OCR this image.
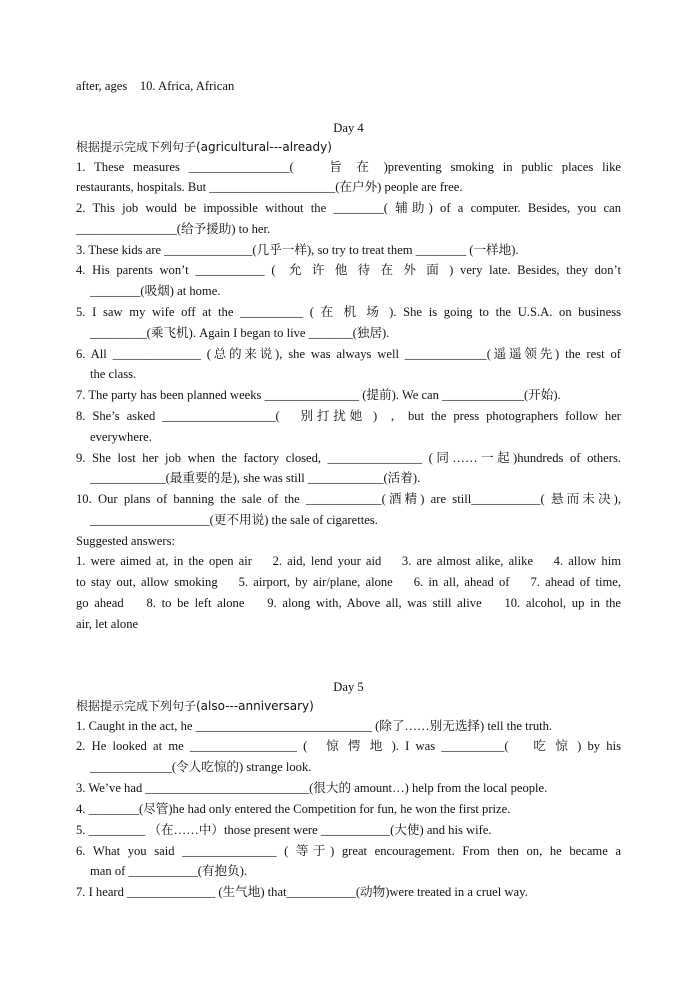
after, ages    10. Africa, African
Day 4
根据提示完成下列句子(agricultural---already)
1. These measures ________________(    旨 在 )preventing smoking in public places like
restaurants, hospitals. But ____________________(在户外) people are free.
2. This job would be impossible without the ________( 辅助) of a computer. Besides, you can
________________(给予援助) to her.
3. These kids are ______________(几乎一样), so try to treat them ________ (一样地).
4. His parents won’t ___________ (  允 许 他 待 在 外 面 ) very late. Besides, they don’t
________(吸烟) at home.
5. I saw my wife off at the __________ ( 在 机 场 ). She is going to the U.S.A. on business
_________(乘飞机). Again I began to live _______(独居).
6. All ______________ (总的来说), she was always well _____________(遥遥领先) the rest of
the class.
7. The party has been planned weeks _______________ (提前). We can _____________(开始).
8. She’s asked __________________(   别打扰她 )  ,  but the press photographers follow her
everywhere.
9. She lost her job when the factory closed, _______________ (同……一起)hundreds of others.
____________(最重要的是), she was still ____________(活着).
10. Our plans of banning the sale of the ____________(酒精) are still___________( 悬而未决),
___________________(更不用说) the sale of cigarettes.
Suggested answers:
1. were aimed at, in the open air    2. aid, lend your aid    3. are almost alike, alike    4. allow him
to stay out, allow smoking    5. airport, by air/plane, alone    6. in all, ahead of    7. ahead of time,
go ahead    8. to be left alone    9. along with, Above all, was still alive    10. alcohol, up in the
air, let alone
Day 5
根据提示完成下列句子(also---anniversary)
1. Caught in the act, he ____________________________ (除了……别无选择) tell the truth.
2. He looked at me _________________ (   惊 愕 地 ). I was __________(    吃 惊 ) by his
_____________(令人吃惊的) strange look.
3. We’ve had __________________________(很大的 amount…) help from the local people.
4. ________(尽管)he had only entered the Competition for fun, he won the first prize.
5. _________ （在……中）those present were ___________(大使) and his wife.
6. What you said _______________ ( 等于) great encouragement. From then on, he became a
man of ___________(有抱负).
7. I heard ______________ (生气地) that___________(动物)were treated in a cruel way.
